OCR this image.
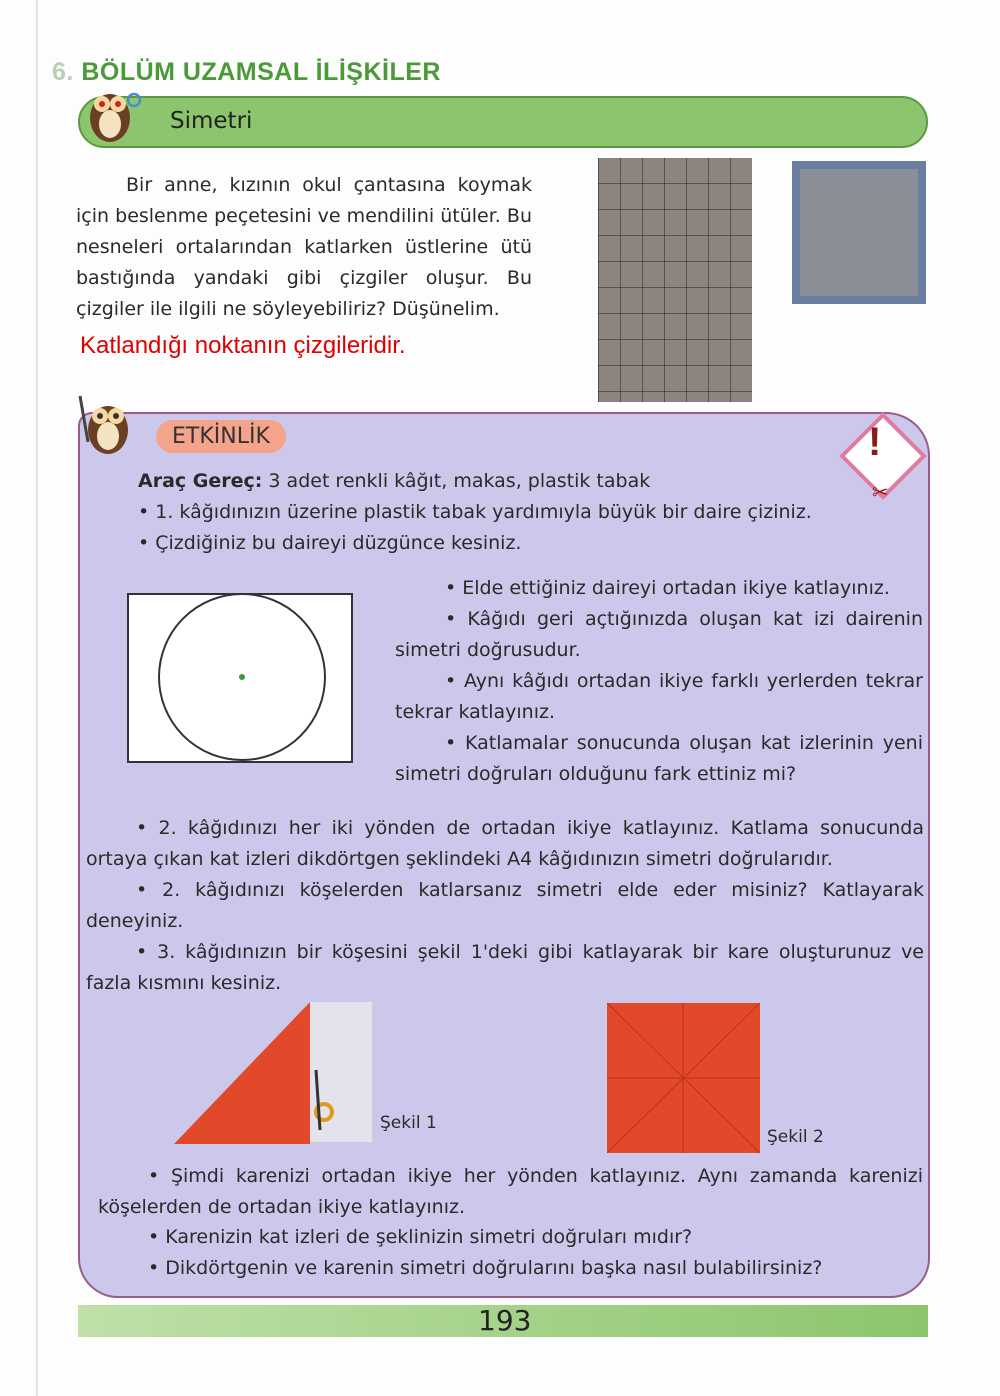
6. BÖLÜM UZAMSAL İLİŞKİLER
Simetri

Bir anne, kızının okul çantasına koymak için beslenme peçetesini ve mendilini ütüler. Bu nesneleri ortalarından katlarken üstlerine ütü bastığında yandaki gibi çizgiler oluşur. Bu çizgiler ile ilgili ne söyleyebiliriz? Düşünelim.

Katlandığı noktanın çizgileridir.
ETKİNLİK	!
✂
Araç Gereç: 3 adet renkli kâğıt, makas, plastik tabak
• 1. kâğıdınızın üzerine plastik tabak yardımıyla büyük bir daire çiziniz.
• Çizdiğiniz bu daireyi düzgünce kesiniz.
• Elde ettiğiniz daireyi ortadan ikiye katlayınız.
• Kâğıdı geri açtığınızda oluşan kat izi dairenin simetri doğrusudur.
• Aynı kâğıdı ortadan ikiye farklı yerlerden tekrar tekrar katlayınız.
• Katlamalar sonucunda oluşan kat izlerinin yeni simetri doğruları olduğunu fark ettiniz mi?
• 2. kâğıdınızı her iki yönden de ortadan ikiye katlayınız. Katlama sonucunda ortaya çıkan kat izleri dikdörtgen şeklindeki A4 kâğıdınızın simetri doğrularıdır.
• 2. kâğıdınızı köşelerden katlarsanız simetri elde eder misiniz? Katlayarak deneyiniz.
• 3. kâğıdınızın bir köşesini şekil 1'deki gibi katlayarak bir kare oluşturunuz ve fazla kısmını kesiniz.
Şekil 1
Şekil 2
• Şimdi karenizi ortadan ikiye her yönden katlayınız. Aynı zamanda karenizi köşelerden de ortadan ikiye katlayınız.
• Karenizin kat izleri de şeklinizin simetri doğruları mıdır?
• Dikdörtgenin ve karenin simetri doğrularını başka nasıl bulabilirsiniz?
193
